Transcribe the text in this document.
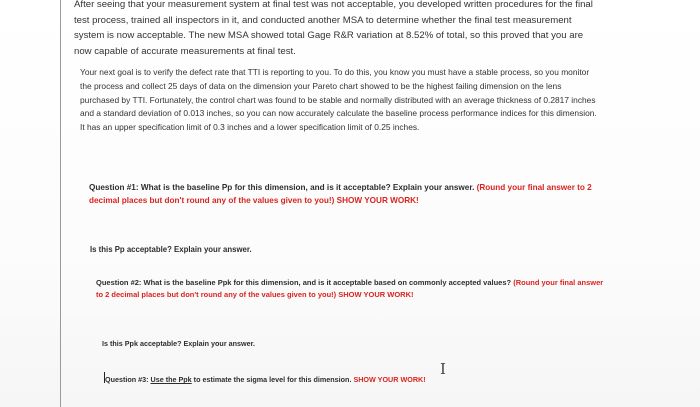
After seeing that your measurement system at final test was not acceptable, you developed written procedures for the final test process, trained all inspectors in it, and conducted another MSA to determine whether the final test measurement system is now acceptable. The new MSA showed total Gage R&R variation at 8.52% of total, so this proved that you are now capable of accurate measurements at final test.
Your next goal is to verify the defect rate that TTI is reporting to you. To do this, you know you must have a stable process, so you monitor the process and collect 25 days of data on the dimension your Pareto chart showed to be the highest failing dimension on the lens purchased by TTI. Fortunately, the control chart was found to be stable and normally distributed with an average thickness of 0.2817 inches and a standard deviation of 0.013 inches, so you can now accurately calculate the baseline process performance indices for this dimension. It has an upper specification limit of 0.3 inches and a lower specification limit of 0.25 inches.
Question #1: What is the baseline Pp for this dimension, and is it acceptable? Explain your answer. (Round your final answer to 2 decimal places but don't round any of the values given to you!) SHOW YOUR WORK!
Is this Pp acceptable? Explain your answer.
Question #2: What is the baseline Ppk for this dimension, and is it acceptable based on commonly accepted values? (Round your final answer to 2 decimal places but don't round any of the values given to you!) SHOW YOUR WORK!
Is this Ppk acceptable? Explain your answer.
Question #3: Use the Ppk to estimate the sigma level for this dimension. SHOW YOUR WORK!
I
